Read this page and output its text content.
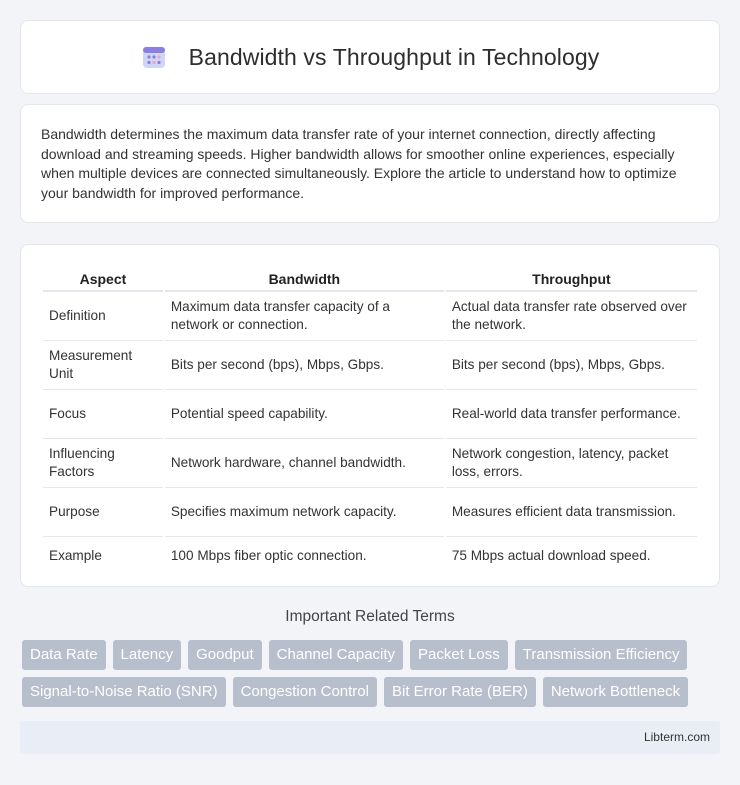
Bandwidth vs Throughput in Technology

Bandwidth determines the maximum data transfer rate of your internet connection, directly affecting download and streaming speeds. Higher bandwidth allows for smoother online experiences, especially when multiple devices are connected simultaneously. Explore the article to understand how to optimize your bandwidth for improved performance.

Aspect	Bandwidth	Throughput
Definition	Maximum data transfer capacity of a network or connection.	Actual data transfer rate observed over the network.
Measurement Unit	Bits per second (bps), Mbps, Gbps.	Bits per second (bps), Mbps, Gbps.
Focus	Potential speed capability.	Real-world data transfer performance.
Influencing Factors	Network hardware, channel bandwidth.	Network congestion, latency, packet loss, errors.
Purpose	Specifies maximum network capacity.	Measures efficient data transmission.
Example	100 Mbps fiber optic connection.	75 Mbps actual download speed.
Important Related Terms
Data Rate	Latency	Goodput	Channel Capacity	Packet Loss	Transmission Efficiency
Signal-to-Noise Ratio (SNR)	Congestion Control	Bit Error Rate (BER)	Network Bottleneck
Libterm.com
